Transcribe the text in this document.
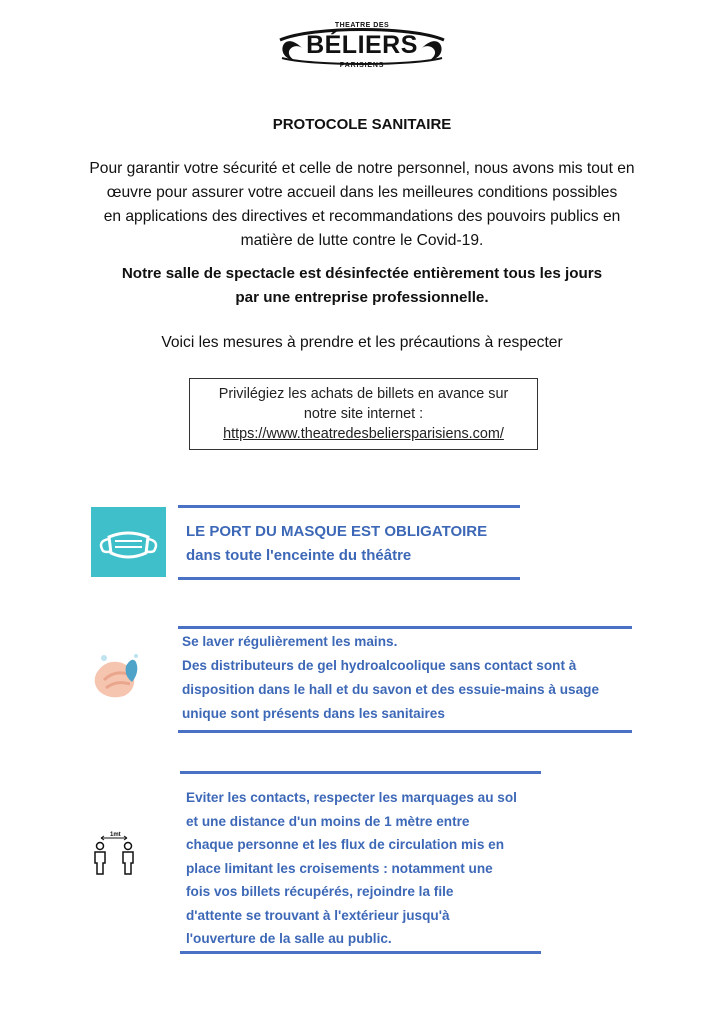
THEATRE DES
BÉLIERS
PARISIENS
PROTOCOLE SANITAIRE
Pour garantir votre sécurité et celle de notre personnel, nous avons mis tout en
œuvre pour assurer votre accueil dans les meilleures conditions possibles
en applications des directives et recommandations des pouvoirs publics en
matière de lutte contre le Covid-19.
Notre salle de spectacle est désinfectée entièrement tous les jours
par une entreprise professionnelle.
Voici les mesures à prendre et les précautions à respecter
Privilégiez les achats de billets en avance sur
notre site internet :
https://www.theatredesbeliersparisiens.com/
LE PORT DU MASQUE EST OBLIGATOIRE
dans toute l'enceinte du théâtre
Se laver régulièrement les mains.
Des distributeurs de gel hydroalcoolique sans contact sont à
disposition dans le hall et du savon et des essuie-mains à usage
unique sont présents dans les sanitaires
1mt
Eviter les contacts, respecter les marquages au sol
et une distance d'un moins de 1 mètre entre
chaque personne et les flux de circulation mis en
place limitant les croisements : notamment une
fois vos billets récupérés, rejoindre la file
d'attente se trouvant à l'extérieur jusqu'à
l'ouverture de la salle au public.
